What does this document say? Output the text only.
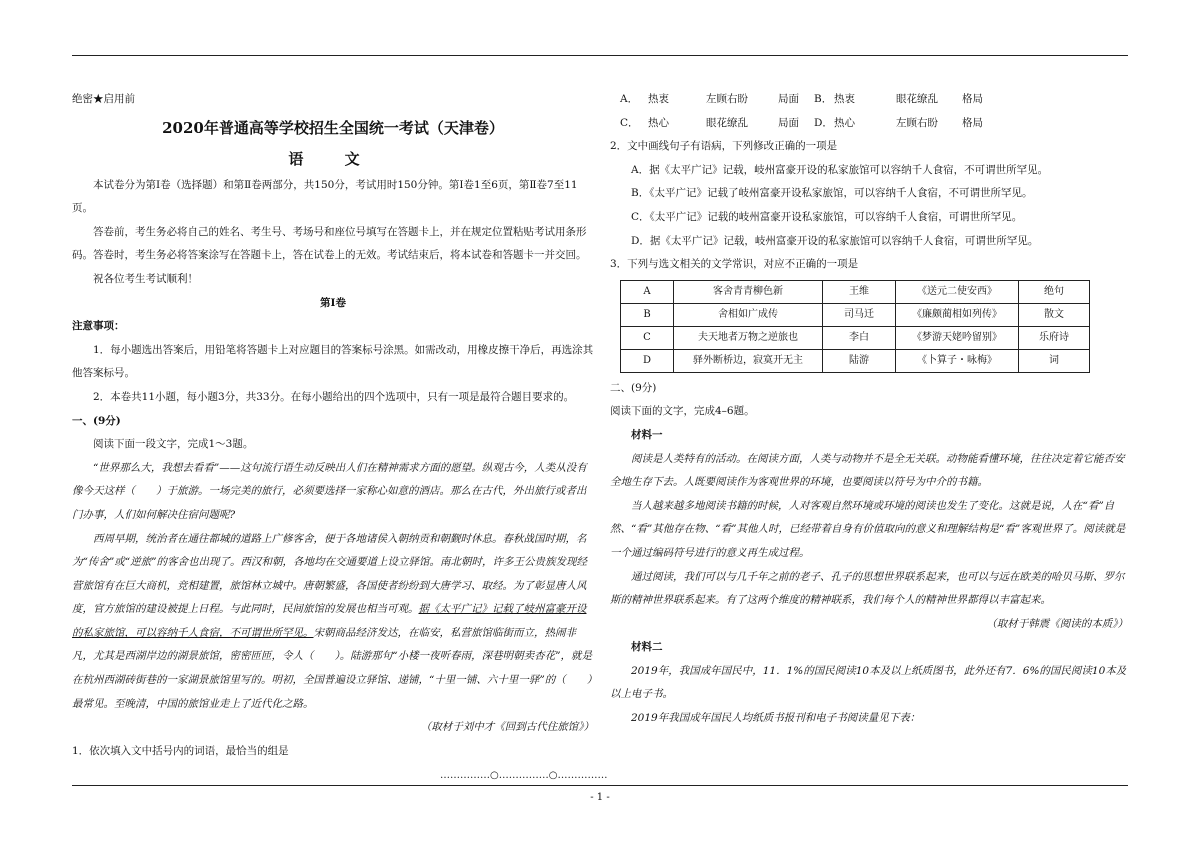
绝密★启用前

2020年普通高等学校招生全国统一考试（天津卷）

语 文

本试卷分为第Ⅰ卷（选择题）和第Ⅱ卷两部分，共150分，考试用时150分钟。第Ⅰ卷1至6页，第Ⅱ卷7至11页。

答卷前，考生务必将自己的姓名、考生号、考场号和座位号填写在答题卡上，并在规定位置粘贴考试用条形码。答卷时，考生务必将答案涂写在答题卡上，答在试卷上的无效。考试结束后，将本试卷和答题卡一并交回。

祝各位考生考试顺利！

第Ⅰ卷

注意事项：

1．每小题选出答案后，用铅笔将答题卡上对应题目的答案标号涂黑。如需改动，用橡皮擦干净后，再选涂其他答案标号。

2．本卷共11小题，每小题3分，共33分。在每小题给出的四个选项中，只有一项是最符合题目要求的。

一、(9分)

阅读下面一段文字，完成1～3题。

“世界那么大，我想去看看”——这句流行语生动反映出人们在精神需求方面的愿望。纵观古今，人类从没有像今天这样（　　）于旅游。一场完美的旅行，必须要选择一家称心如意的酒店。那么在古代，外出旅行或者出门办事，人们如何解决住宿问题呢?

西周早期，统治者在通往都城的道路上广修客舍，便于各地诸侯入朝纳贡和朝觐时休息。春秋战国时期，名为“传舍”或“逆旅”的客舍也出现了。西汉和朝，各地均在交通要道上设立驿馆。南北朝时，许多王公贵族发现经营旅馆有在巨大商机，竞相建置，旅馆林立城中。唐朝繁盛，各国使者纷纷到大唐学习、取经。为了彰显唐人风度，官方旅馆的建设被提上日程。与此同时，民间旅馆的发展也相当可观。据《太平广记》记载了岐州富豪开设的私家旅馆，可以容纳千人食宿，不可谓世所罕见。宋朝商品经济发达，在临安，私营旅馆临街而立，热闹非凡，尤其是西湖岸边的湖景旅馆，密密匝匝，令人（　　）。陆游那句“小楼一夜听春雨，深巷明朝卖杏花”，就是在杭州西湖砖街巷的一家湖景旅馆里写的。明初，全国普遍设立驿馆、递铺，“十里一铺、六十里一驿”的（　　）最常见。至晚清，中国的旅馆业走上了近代化之路。

（取材于刘中才《回到古代住旅馆》）

1．依次填入文中括号内的词语，最恰当的组是

A． 热衷	左顾右盼	局面	B． 热衷	眼花缭乱	格局
C． 热心	眼花缭乱	局面	D． 热心	左顾右盼	格局

2．文中画线句子有语病，下列修改正确的一项是

A．据《太平广记》记载，岐州富豪开设的私家旅馆可以容纳千人食宿，不可谓世所罕见。

B．《太平广记》记载了岐州富豪开设私家旅馆，可以容纳千人食宿，不可谓世所罕见。

C．《太平广记》记载的岐州富豪开设私家旅馆，可以容纳千人食宿，可谓世所罕见。

D．据《太平广记》记载，岐州富豪开设的私家旅馆可以容纳千人食宿，可谓世所罕见。

3．下列与选文相关的文学常识，对应不正确的一项是

A	客舍青青柳色新	王维	《送元二使安西》	绝句
B	舍相如广成传	司马迁	《廉颇蔺相如列传》	散文
C	夫天地者万物之逆旅也	李白	《梦游天姥吟留别》	乐府诗
D	驿外断桥边，寂寞开无主	陆游	《卜算子・咏梅》	词

二、(9分)

阅读下面的文字，完成4–6题。

材料一

阅读是人类特有的活动。在阅读方面，人类与动物并不是全无关联。动物能看懂环境，往往决定着它能否安全地生存下去。人既要阅读作为客观世界的环境，也要阅读以符号为中介的书籍。

当人越来越多地阅读书籍的时候，人对客观自然环境或环境的阅读也发生了变化。这就是说，人在“看”自然、“看”其他存在物、“看”其他人时，已经带着自身有价值取向的意义和理解结构是“看”客观世界了。阅读就是一个通过编码符号进行的意义再生成过程。

通过阅读，我们可以与几千年之前的老子、孔子的思想世界联系起来，也可以与远在欧美的哈贝马斯、罗尔斯的精神世界联系起来。有了这两个维度的精神联系，我们每个人的精神世界都得以丰富起来。

（取材于韩震《阅读的本质》）

材料二

2019年，我国成年国民中，11．1%的国民阅读10本及以上纸质图书，此外还有7．6%的国民阅读10本及以上电子书。

2019年我国成年国民人均纸质书报刊和电子书阅读量见下表：

……………○……………○……………
- 1 -
